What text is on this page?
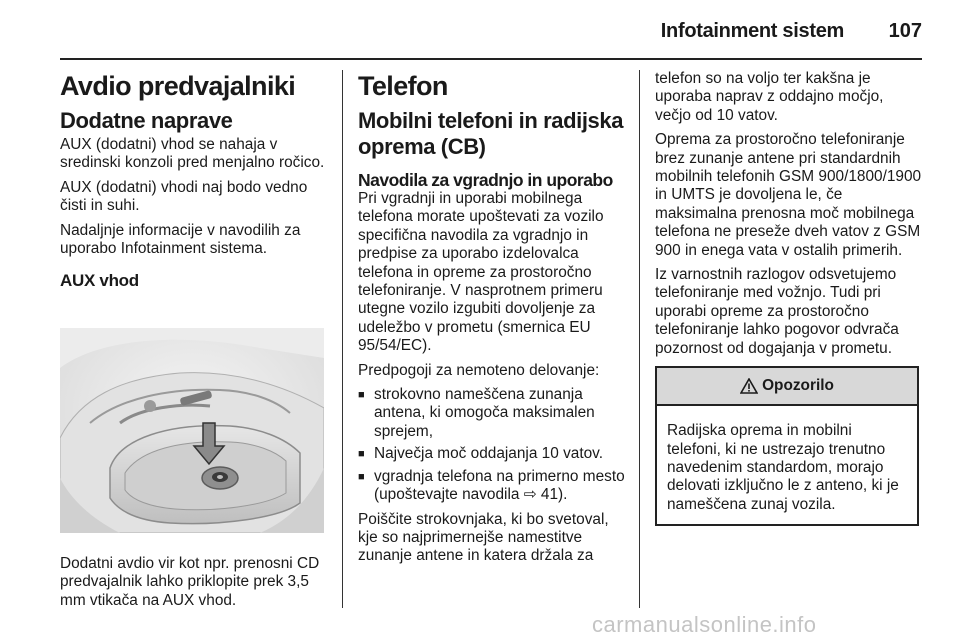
Infotainment sistem 107
Avdio predvajalniki
Dodatne naprave

AUX (dodatni) vhod se nahaja v sredinski konzoli pred menjalno ročico.

AUX (dodatni) vhodi naj bodo vedno čisti in suhi.

Nadaljnje informacije v navodilih za uporabo Infotainment sistema.

AUX vhod
Dodatni avdio vir kot npr. prenosni CD predvajalnik lahko priklopite prek 3,5 mm vtikača na AUX vhod.
Telefon
Mobilni telefoni in radijska oprema (CB)
Navodila za vgradnjo in uporabo

Pri vgradnji in uporabi mobilnega telefona morate upoštevati za vozilo specifična navodila za vgradnjo in predpise za uporabo izdelovalca telefona in opreme za prostoročno telefoniranje. V nasprotnem primeru utegne vozilo izgubiti dovoljenje za udeležbo v prometu (smernica EU 95/54/EC).

Predpogoji za nemoteno delovanje:

■ strokovno nameščena zunanja antena, ki omogoča maksimalen sprejem,
■ Največja moč oddajanja 10 vatov.
■ vgradnja telefona na primerno mesto (upoštevajte navodila ⇨ 41).

Poiščite strokovnjaka, ki bo svetoval, kje so najprimernejše namestitve zunanje antene in katera držala za

telefon so na voljo ter kakšna je uporaba naprav z oddajno močjo, večjo od 10 vatov.

Oprema za prostoročno telefoniranje brez zunanje antene pri standardnih mobilnih telefonih GSM 900/1800/1900 in UMTS je dovoljena le, če maksimalna prenosna moč mobilnega telefona ne preseže dveh vatov z GSM 900 in enega vata v ostalih primerih.

Iz varnostnih razlogov odsvetujemo telefoniranje med vožnjo. Tudi pri uporabi opreme za prostoročno telefoniranje lahko pogovor odvrača pozornost od dogajanja v prometu.

Opozorilo
Radijska oprema in mobilni telefoni, ki ne ustrezajo trenutno navedenim standardom, morajo delovati izključno le z anteno, ki je nameščena zunaj vozila.
carmanualsonline.info
